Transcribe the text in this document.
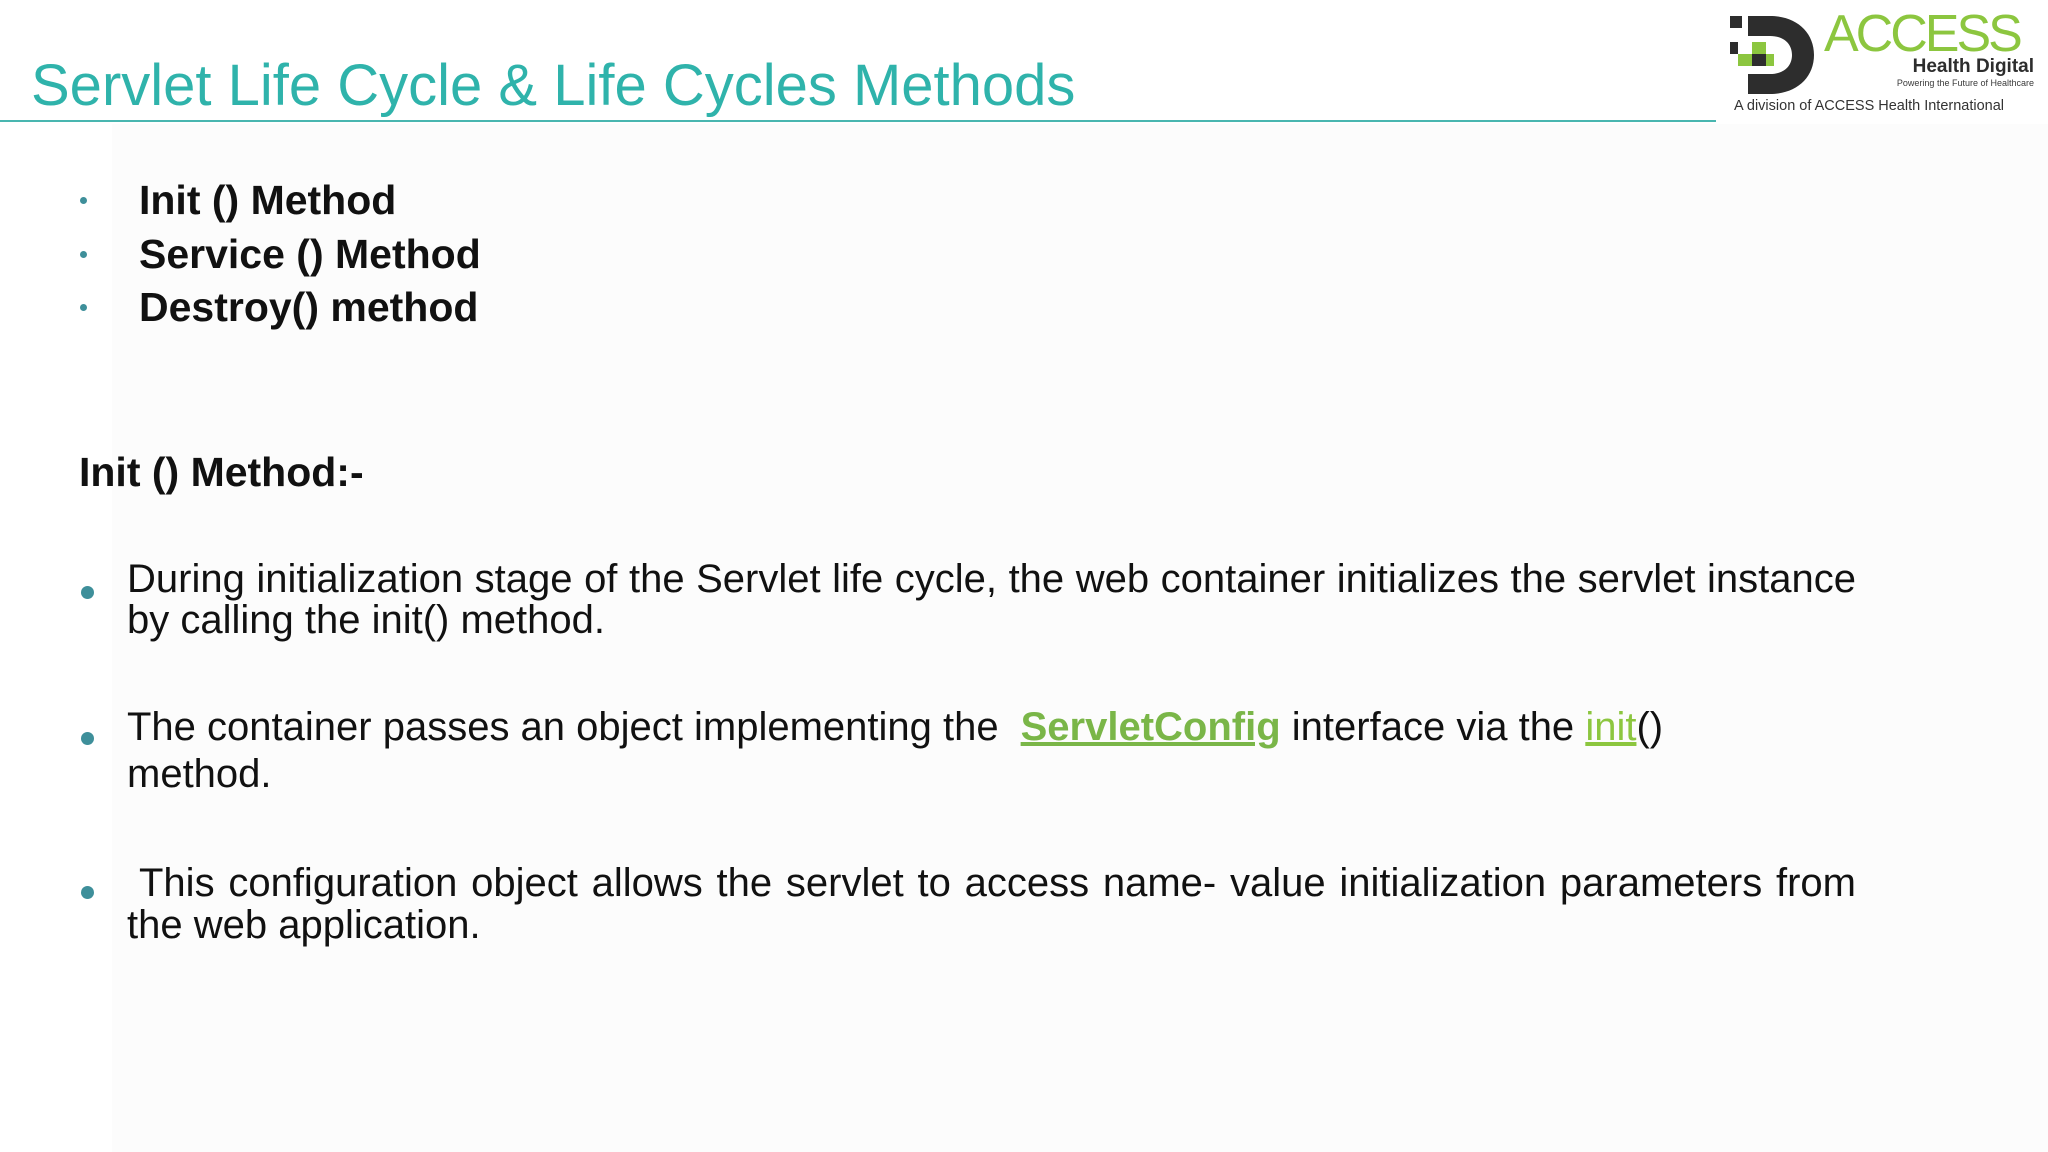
Servlet Life Cycle & Life Cycles Methods
ACCESS
Health Digital
Powering the Future of Healthcare
A division of ACCESS Health International
Init () Method
Service () Method
Destroy() method
Init () Method:-
During initialization stage of the Servlet life cycle, the web container initializes the servlet instance by calling the init() method.
The container passes an object implementing the ServletConfig interface via the init()
method.
This configuration object allows the servlet to access name- value initialization parameters from the web application.
